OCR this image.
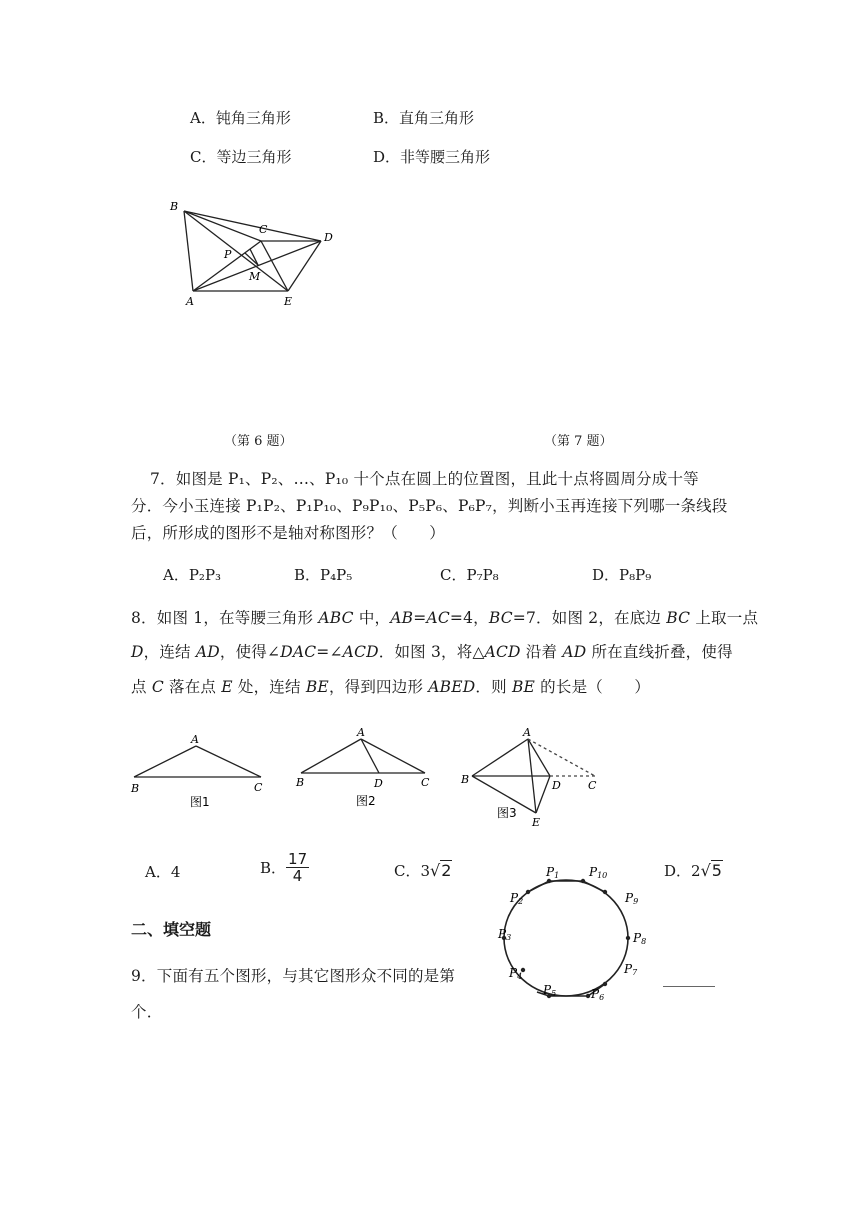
A．钝角三角形	B．直角三角形
C．等边三角形	D．非等腰三角形
B
C
D
P
M
A	E
（第 6 题）	（第 7 题）
7．如图是 P₁、P₂、…、P₁₀ 十个点在圆上的位置图，且此十点将圆周分成十等
分．今小玉连接 P₁P₂、P₁P₁₀、P₉P₁₀、P₅P₆、P₆P₇，判断小玉再连接下列哪一条线段
后，所形成的图形不是轴对称图形？（　　）
A．P₂P₃	B．P₄P₅	C．P₇P₈	D．P₈P₉
8．如图 1，在等腰三角形 ABC 中，AB=AC=4，BC=7．如图 2，在底边 BC 上取一点
D，连结 AD，使得∠DAC=∠ACD．如图 3，将△ACD 沿着 AD 所在直线折叠，使得
点 C 落在点 E 处，连结 BE，得到四边形 ABED．则 BE 的长是（　　）
A
B	C
图1
A
B	D	C
图2
A
B	D C
E
图3
A．4	B． $\frac{17}{4}$	C．3√2	D．2√5
P1 P10
P2	P9
P3	P8
P4
P7
P5	P6
二、填空题
9．下面有五个图形，与其它图形众不同的是第
个．
